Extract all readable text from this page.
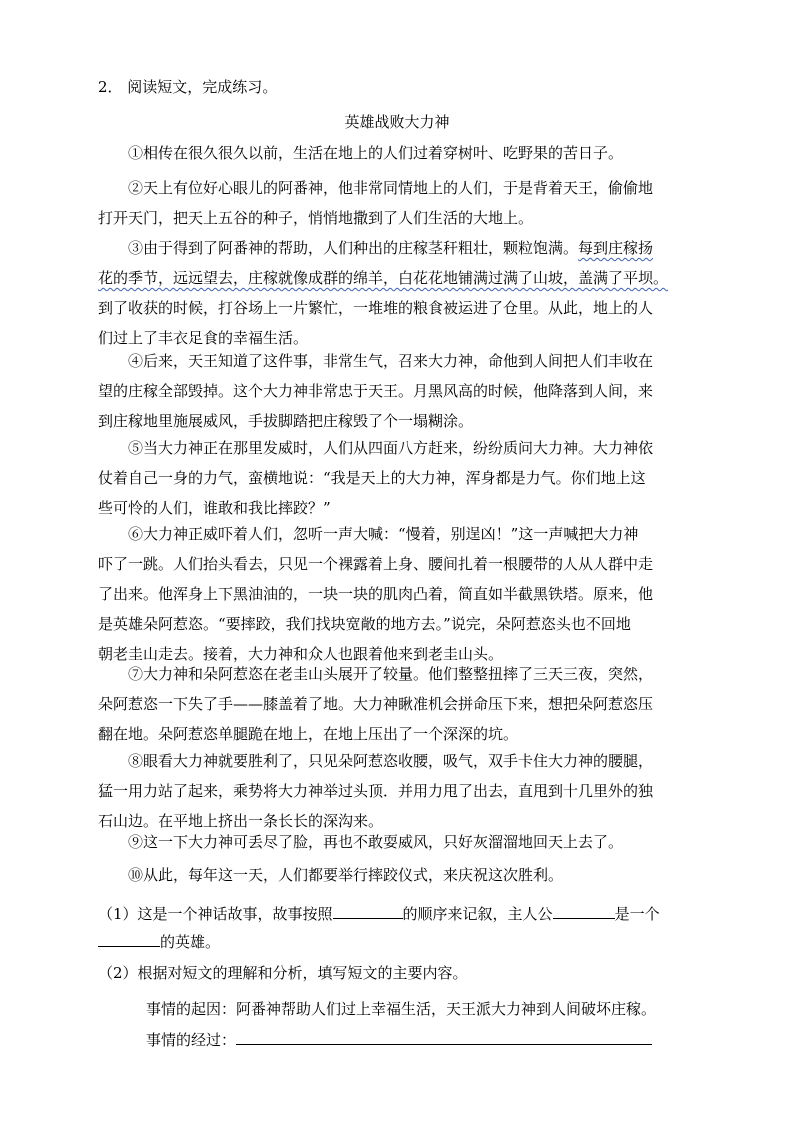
2． 阅读短文，完成练习。
英雄战败大力神
①相传在很久很久以前，生活在地上的人们过着穿树叶、吃野果的苦日子。
②天上有位好心眼儿的阿番神，他非常同情地上的人们，于是背着天王，偷偷地
打开天门，把天上五谷的种子，悄悄地撒到了人们生活的大地上。
③由于得到了阿番神的帮助，人们种出的庄稼茎秆粗壮，颗粒饱满。每到庄稼扬
花的季节，远远望去，庄稼就像成群的绵羊，白花花地铺满过满了山坡，盖满了平坝。
到了收获的时候，打谷场上一片繁忙，一堆堆的粮食被运进了仓里。从此，地上的人
们过上了丰衣足食的幸福生活。
④后来，天王知道了这件事，非常生气，召来大力神，命他到人间把人们丰收在
望的庄稼全部毁掉。这个大力神非常忠于天王。月黑风高的时候，他降落到人间，来
到庄稼地里施展威风，手拔脚踏把庄稼毁了个一塌糊涂。
⑤当大力神正在那里发威时，人们从四面八方赶来，纷纷质问大力神。大力神依
仗着自己一身的力气，蛮横地说：“我是天上的大力神，浑身都是力气。你们地上这
些可怜的人们，谁敢和我比摔跤？”
⑥大力神正威吓着人们，忽听一声大喊：“慢着，别逞凶！”这一声喊把大力神
吓了一跳。人们抬头看去，只见一个裸露着上身、腰间扎着一根腰带的人从人群中走
了出来。他浑身上下黑油油的，一块一块的肌肉凸着，简直如半截黑铁塔。原来，他
是英雄朵阿惹恣。“要摔跤，我们找块宽敞的地方去。”说完，朵阿惹恣头也不回地
朝老圭山走去。接着，大力神和众人也跟着他来到老圭山头。
⑦大力神和朵阿惹恣在老圭山头展开了较量。他们整整扭摔了三天三夜，突然，
朵阿惹恣一下失了手——膝盖着了地。大力神瞅准机会拼命压下来，想把朵阿惹恣压
翻在地。朵阿惹恣单腿跪在地上，在地上压出了一个深深的坑。
⑧眼看大力神就要胜利了，只见朵阿惹恣收腰，吸气，双手卡住大力神的腰腿，
猛一用力站了起来，乘势将大力神举过头顶．并用力甩了出去，直甩到十几里外的独
石山边。在平地上挤出一条长长的深沟来。
⑨这一下大力神可丢尽了脸，再也不敢耍威风，只好灰溜溜地回天上去了。
⑩从此，每年这一天，人们都要举行摔跤仪式，来庆祝这次胜利。
（1）这是一个神话故事，故事按照	的顺序来记叙，主人公	是一个
的英雄。
（2）根据对短文的理解和分析，填写短文的主要内容。
事情的起因：阿番神帮助人们过上幸福生活，天王派大力神到人间破坏庄稼。
事情的经过：
